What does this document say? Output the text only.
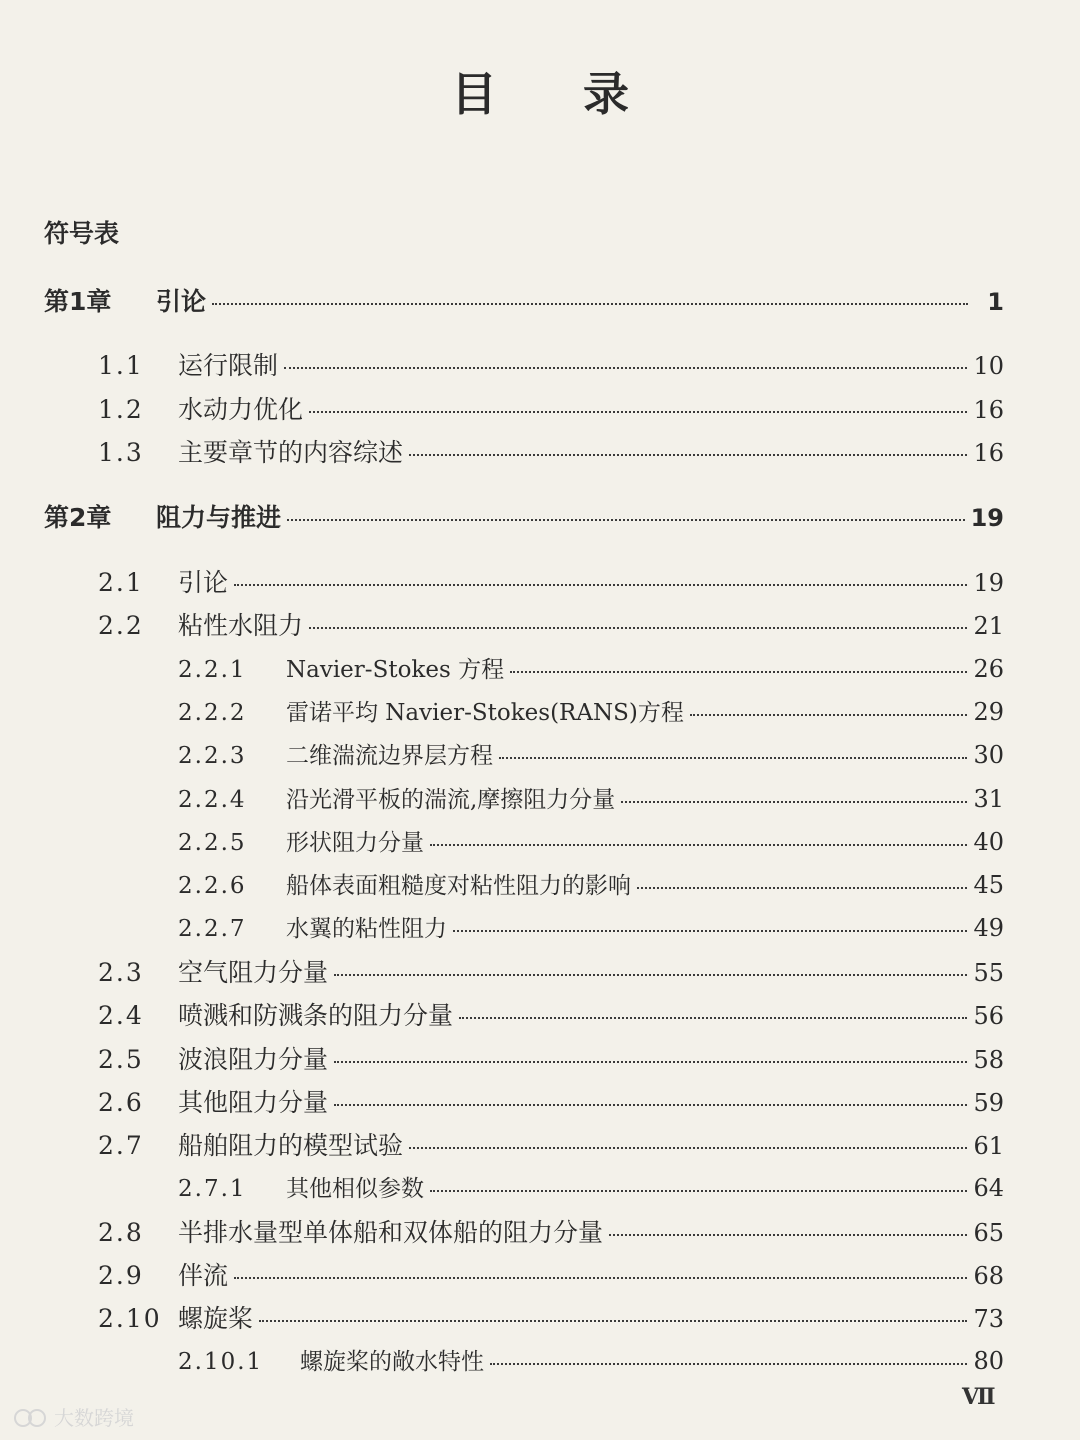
目 录
符号表
第1章 引论	1
1.1 运行限制	10
1.2 水动力优化	16
1.3 主要章节的内容综述	16
第2章 阻力与推进	19
2.1 引论	19
2.2 粘性水阻力	21
2.2.1 Navier-Stokes 方程	26
2.2.2 雷诺平均 Navier-Stokes(RANS)方程	29
2.2.3 二维湍流边界层方程	30
2.2.4 沿光滑平板的湍流,摩擦阻力分量	31
2.2.5 形状阻力分量	40
2.2.6 船体表面粗糙度对粘性阻力的影响	45
2.2.7 水翼的粘性阻力	49
2.3 空气阻力分量	55
2.4 喷溅和防溅条的阻力分量	56
2.5 波浪阻力分量	58
2.6 其他阻力分量	59
2.7 船舶阻力的模型试验	61
2.7.1 其他相似参数	64
2.8 半排水量型单体船和双体船的阻力分量	65
2.9 伴流	68
2.10 螺旋桨	73
2.10.1 螺旋桨的敞水特性	80
Ⅶ
大数跨境
